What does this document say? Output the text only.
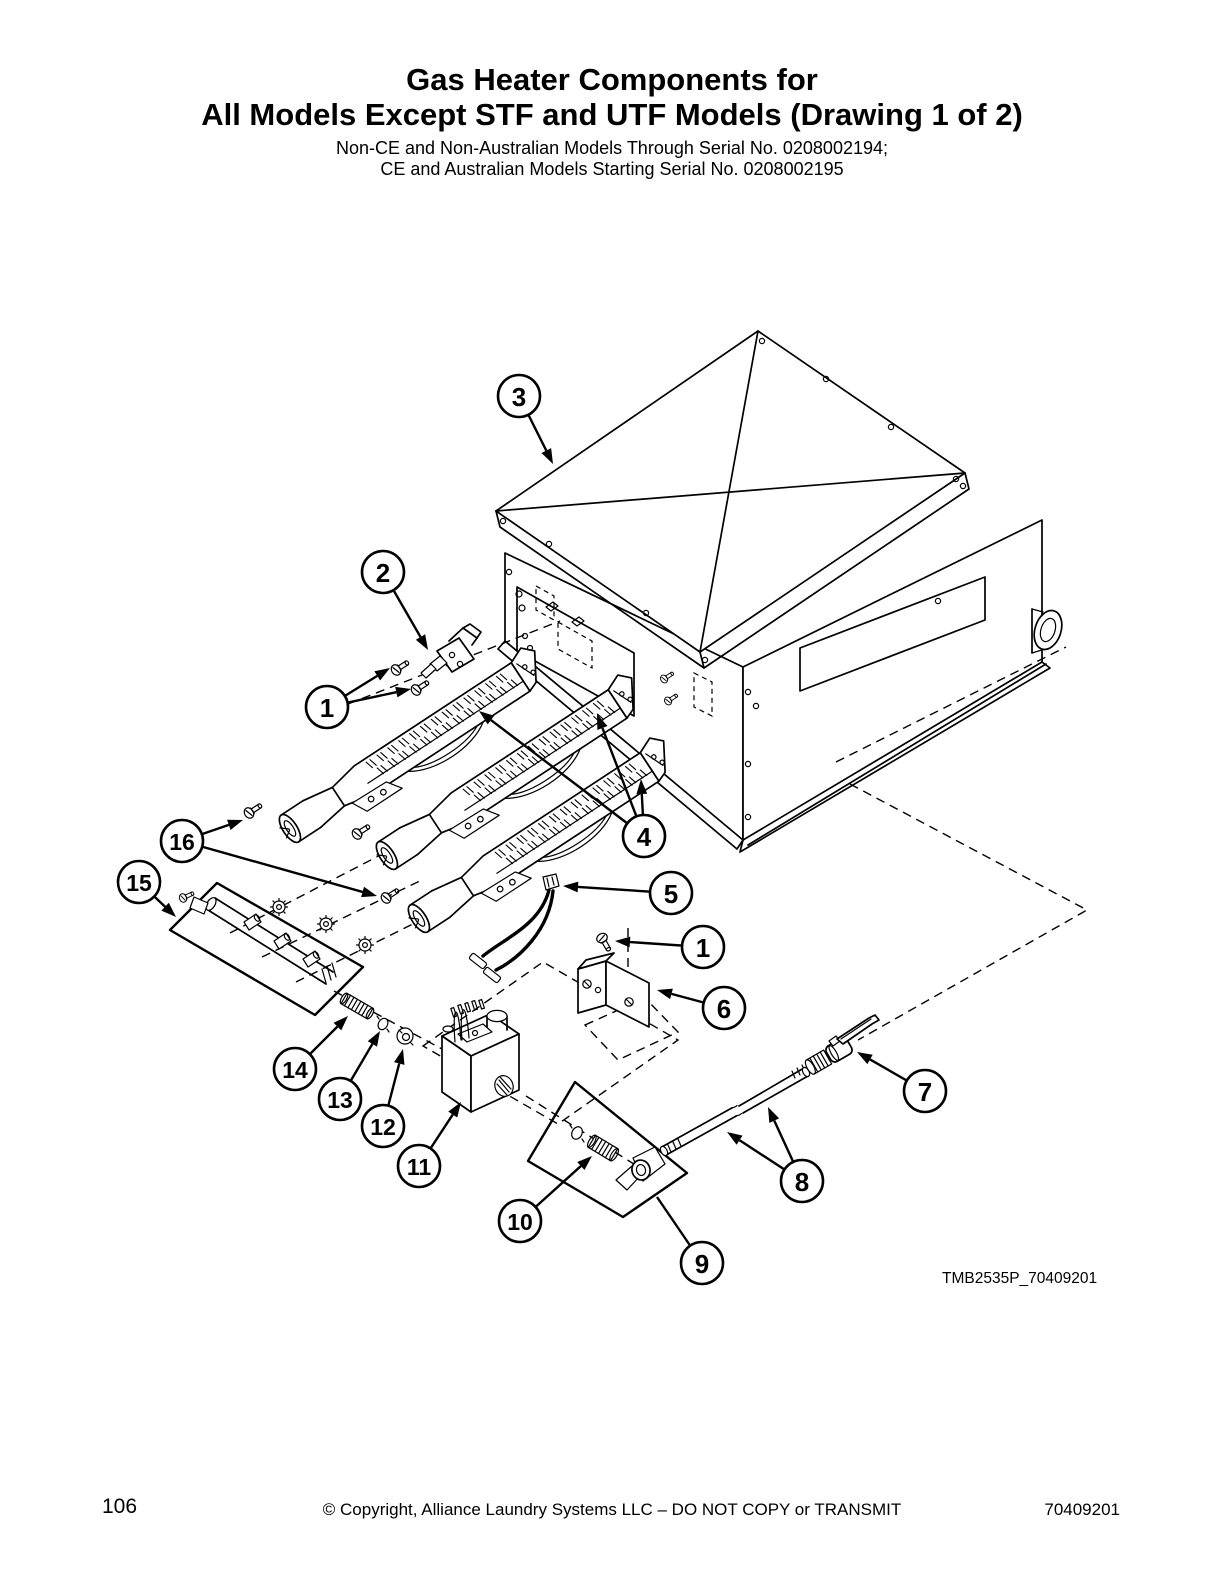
Gas Heater Components for
All Models Except STF and UTF Models (Drawing 1 of 2)
Non-CE and Non-Australian Models Through Serial No. 0208002194;
CE and Australian Models Starting Serial No. 0208002195
3
2
1
16
15
4
5
1
6
7
8
9
10
11
12
13
14
TMB2535P_70409201
106	© Copyright, Alliance Laundry Systems LLC – DO NOT COPY or TRANSMIT	70409201
